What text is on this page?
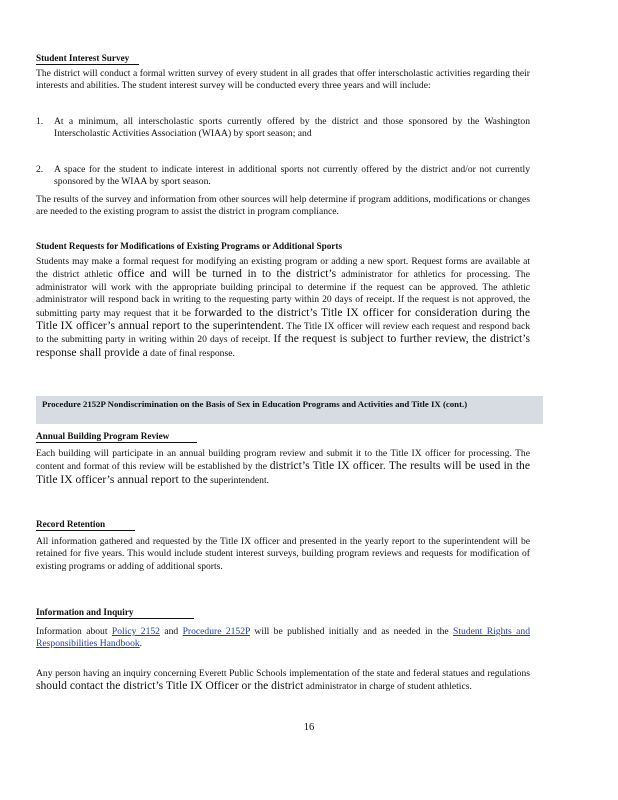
Student Interest Survey
The district will conduct a formal written survey of every student in all grades that offer interscholastic activities regarding their interests and abilities. The student interest survey will be conducted every three years and will include:
1. At a minimum, all interscholastic sports currently offered by the district and those sponsored by the Washington Interscholastic Activities Association (WIAA) by sport season; and
2. A space for the student to indicate interest in additional sports not currently offered by the district and/or not currently sponsored by the WIAA by sport season.
The results of the survey and information from other sources will help determine if program additions, modifications or changes are needed to the existing program to assist the district in program compliance.
Student Requests for Modifications of Existing Programs or Additional Sports
Students may make a formal request for modifying an existing program or adding a new sport. Request forms are available at the district athletic office and will be turned in to the district’s administrator for athletics for processing. The administrator will work with the appropriate building principal to determine if the request can be approved. The athletic administrator will respond back in writing to the requesting party within 20 days of receipt. If the request is not approved, the submitting party may request that it be forwarded to the district’s Title IX officer for consideration during the Title IX officer’s annual report to the superintendent. The Title IX officer will review each request and respond back to the submitting party in writing within 20 days of receipt. If the request is subject to further review, the district’s response shall provide a date of final response.
Procedure 2152P Nondiscrimination on the Basis of Sex in Education Programs and Activities and Title IX (cont.)
Annual Building Program Review
Each building will participate in an annual building program review and submit it to the Title IX officer for processing. The content and format of this review will be established by the district’s Title IX officer. The results will be used in the Title IX officer’s annual report to the superintendent.
Record Retention
All information gathered and requested by the Title IX officer and presented in the yearly report to the superintendent will be retained for five years. This would include student interest surveys, building program reviews and requests for modification of existing programs or adding of additional sports.
Information and Inquiry
Information about Policy 2152 and Procedure 2152P will be published initially and as needed in the Student Rights and Responsibilities Handbook.
Any person having an inquiry concerning Everett Public Schools implementation of the state and federal statues and regulations should contact the district’s Title IX Officer or the district administrator in charge of student athletics.
16
